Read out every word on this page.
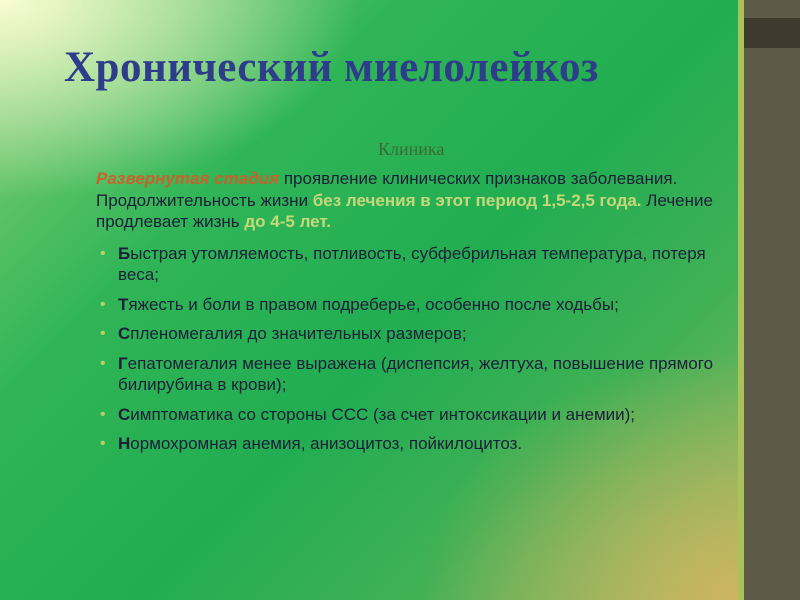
Хронический миелолейкоз
Клиника

Развернутая стадия проявление клинических признаков заболевания. Продолжительность жизни без лечения в этот период 1,5-2,5 года. Лечение продлевает жизнь до 4-5 лет.

• Быстрая утомляемость, потливость, субфебрильная температура, потеря веса;
• Тяжесть и боли в правом подреберье, особенно после ходьбы;
• Спленомегалия до значительных размеров;
• Гепатомегалия менее выражена (диспепсия, желтуха, повышение прямого билирубина в крови);
• Симптоматика со стороны ССС (за счет интоксикации и анемии);
• Нормохромная анемия, анизоцитоз, пойкилоцитоз.
